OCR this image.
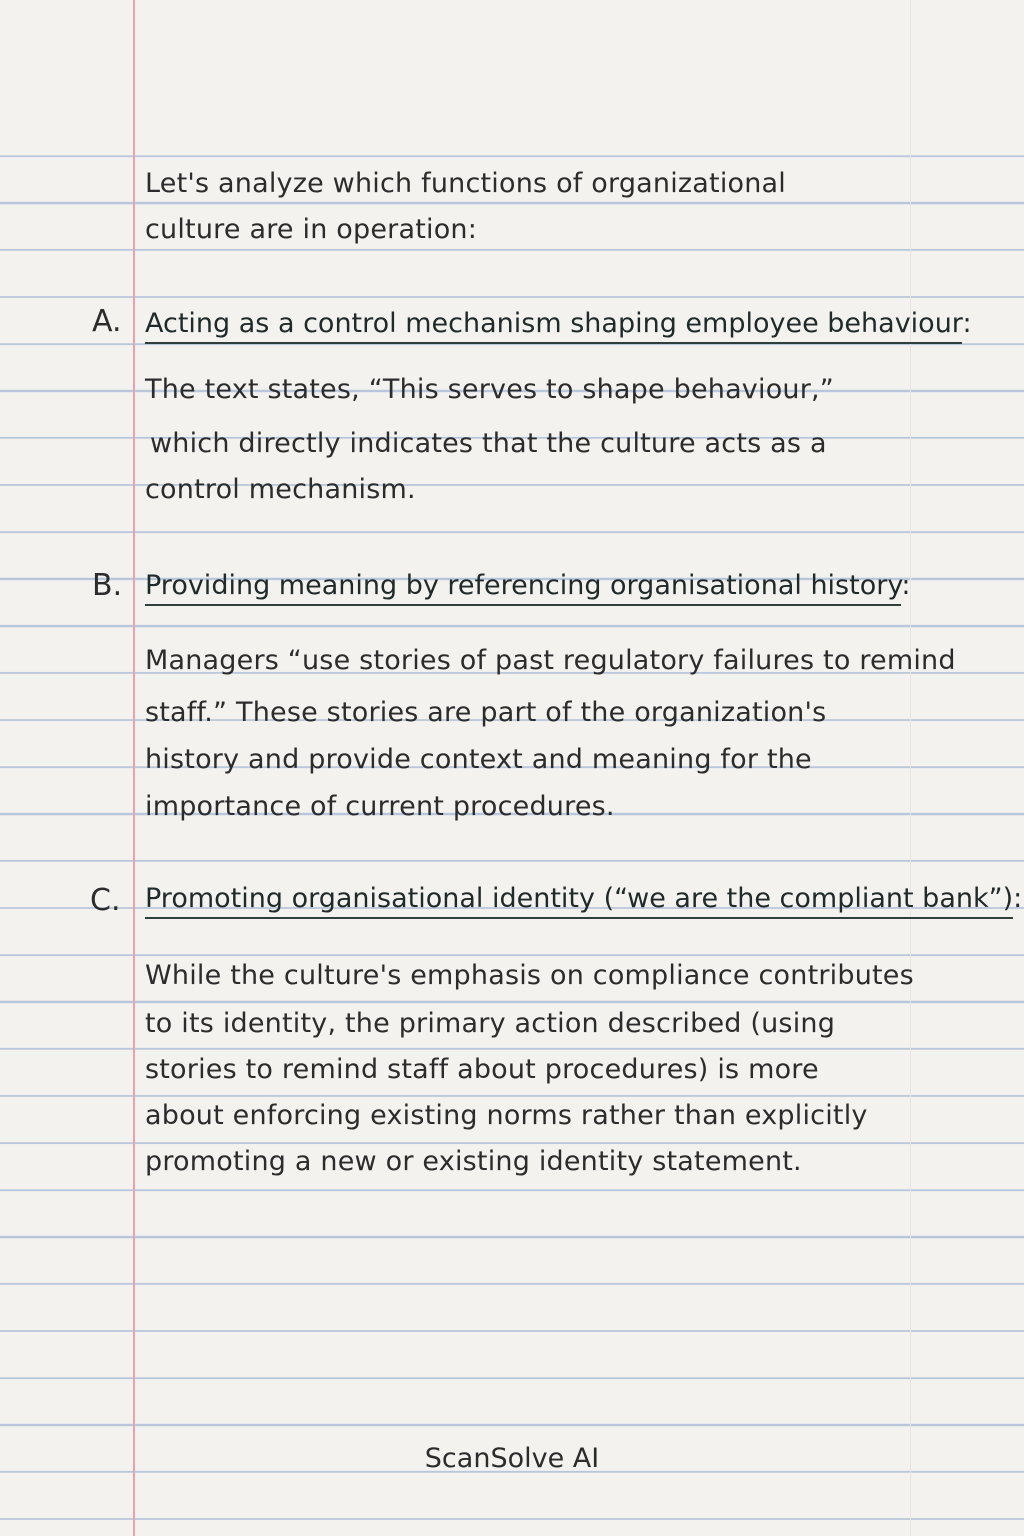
Let's analyze which functions of organizational
culture are in operation:
A. Acting as a control mechanism shaping employee behaviour:
The text states, “This serves to shape behaviour,”
which directly indicates that the culture acts as a
control mechanism.
B. Providing meaning by referencing organisational history:
Managers “use stories of past regulatory failures to remind
staff.” These stories are part of the organization's
history and provide context and meaning for the
importance of current procedures.
C. Promoting organisational identity (“we are the compliant bank”):
While the culture's emphasis on compliance contributes
to its identity, the primary action described (using
stories to remind staff about procedures) is more
about enforcing existing norms rather than explicitly
promoting a new or existing identity statement.
ScanSolve AI
